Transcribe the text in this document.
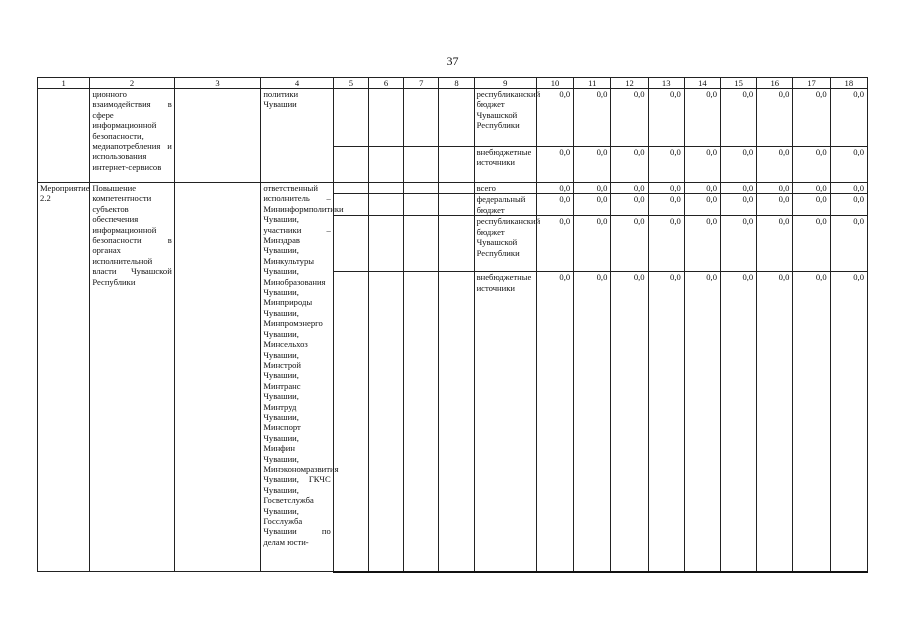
37
1	2	3	4	5	6	7	8	9	10	11	12	13	14	15	16	17	18
	ционного взаимодействия в сфере информационной безопасности, медиапотребления и использования интернет-сервисов		политики Чувашии					республиканский бюджет Чувашской Республики	0,0	0,0	0,0	0,0	0,0	0,0	0,0	0,0	0,0
								внебюджетные источники	0,0	0,0	0,0	0,0	0,0	0,0	0,0	0,0	0,0
Мероприятие 2.2	Повышение компетентности субъектов обеспечения информационной безопасности в органах исполнительной власти Чувашской Республики		ответственный исполнитель – Мининформполитики Чувашии, участники – Минздрав Чувашии, Минкультуры Чувашии, Минобразования Чувашии, Минприроды Чувашии, Минпромэнерго Чувашии, Минсельхоз Чувашии, Минстрой Чувашии, Минтранс Чувашии, Минтруд Чувашии, Минспорт Чувашии, Минфин Чувашии, Минэкономразвития Чувашии, ГКЧС Чувашии, Госветслужба Чувашии, Госслужба Чувашии по делам юсти-					всего	0,0	0,0	0,0	0,0	0,0	0,0	0,0	0,0	0,0
								федеральный бюджет	0,0	0,0	0,0	0,0	0,0	0,0	0,0	0,0	0,0
								республиканский бюджет Чувашской Республики	0,0	0,0	0,0	0,0	0,0	0,0	0,0	0,0	0,0
								внебюджетные источники	0,0	0,0	0,0	0,0	0,0	0,0	0,0	0,0	0,0
